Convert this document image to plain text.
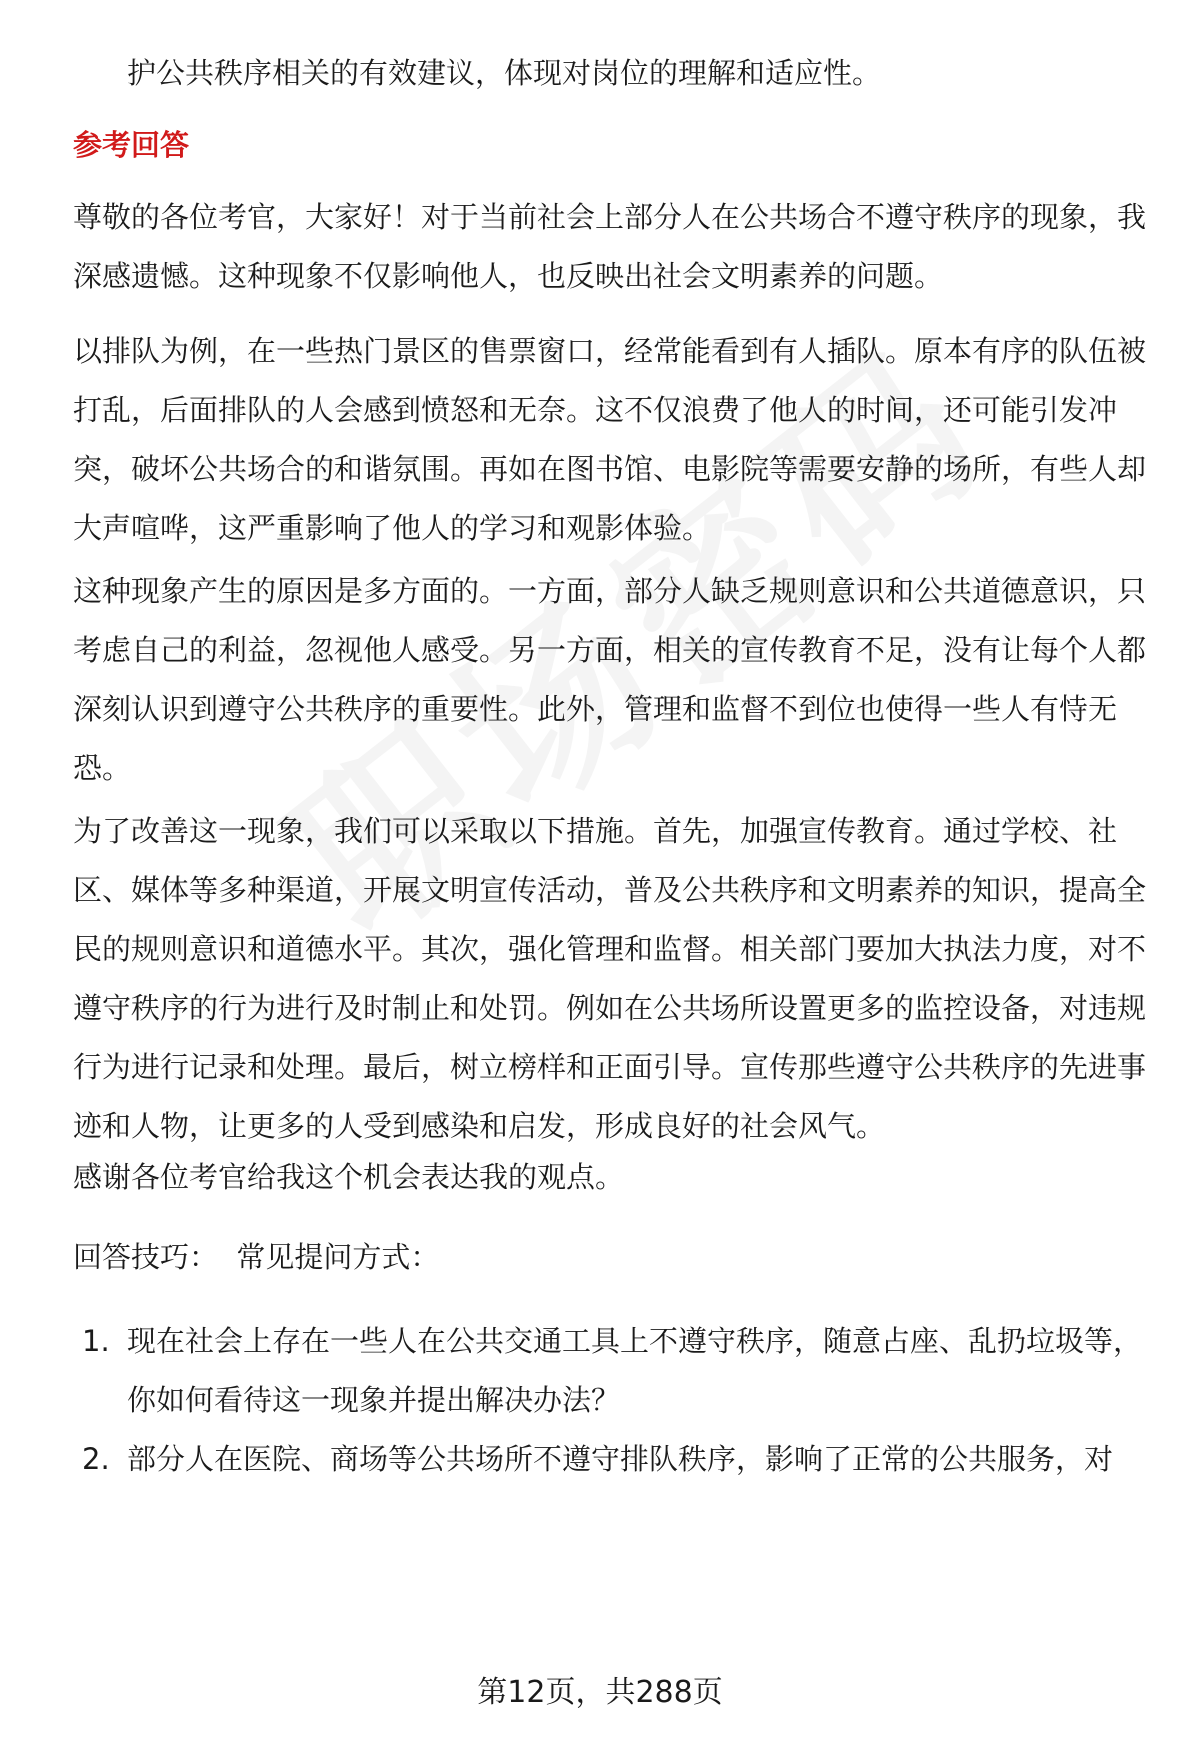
护公共秩序相关的有效建议，体现对岗位的理解和适应性。

参考回答

尊敬的各位考官，大家好！对于当前社会上部分人在公共场合不遵守秩序的现象，我深感遗憾。这种现象不仅影响他人，也反映出社会文明素养的问题。

以排队为例，在一些热门景区的售票窗口，经常能看到有人插队。原本有序的队伍被打乱，后面排队的人会感到愤怒和无奈。这不仅浪费了他人的时间，还可能引发冲突，破坏公共场合的和谐氛围。再如在图书馆、电影院等需要安静的场所，有些人却大声喧哗，这严重影响了他人的学习和观影体验。

这种现象产生的原因是多方面的。一方面，部分人缺乏规则意识和公共道德意识，只考虑自己的利益，忽视他人感受。另一方面，相关的宣传教育不足，没有让每个人都深刻认识到遵守公共秩序的重要性。此外，管理和监督不到位也使得一些人有恃无恐。

为了改善这一现象，我们可以采取以下措施。首先，加强宣传教育。通过学校、社区、媒体等多种渠道，开展文明宣传活动，普及公共秩序和文明素养的知识，提高全民的规则意识和道德水平。其次，强化管理和监督。相关部门要加大执法力度，对不遵守秩序的行为进行及时制止和处罚。例如在公共场所设置更多的监控设备，对违规行为进行记录和处理。最后，树立榜样和正面引导。宣传那些遵守公共秩序的先进事迹和人物，让更多的人受到感染和启发，形成良好的社会风气。

感谢各位考官给我这个机会表达我的观点。

回答技巧：  常见提问方式：

1. 现在社会上存在一些人在公共交通工具上不遵守秩序，随意占座、乱扔垃圾等，你如何看待这一现象并提出解决办法？
2. 部分人在医院、商场等公共场所不遵守排队秩序，影响了正常的公共服务，对
第12页，共288页
